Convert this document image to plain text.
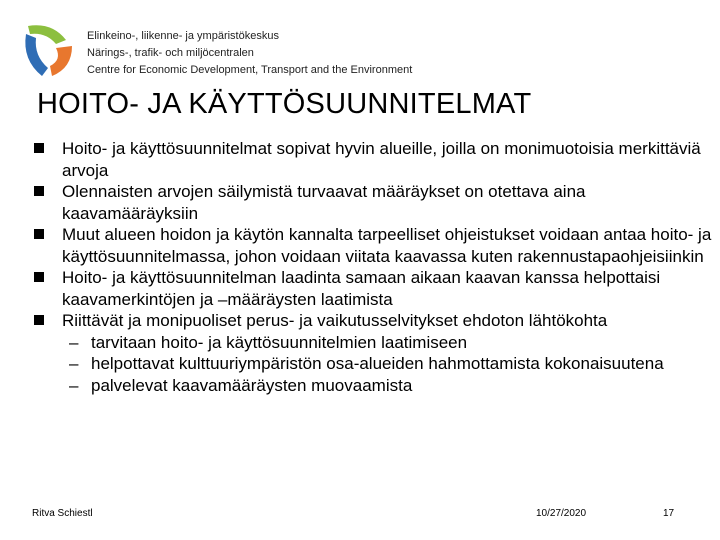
Elinkeino-, liikenne- ja ympäristökeskus
Närings-, trafik- och miljöcentralen
Centre for Economic Development, Transport and the Environment
HOITO- JA KÄYTTÖSUUNNITELMAT
Hoito- ja käyttösuunnitelmat sopivat hyvin alueille, joilla on monimuotoisia merkittäviä arvoja
Olennaisten arvojen säilymistä turvaavat määräykset on otettava aina kaavamääräyksiin
Muut alueen hoidon ja käytön kannalta tarpeelliset ohjeistukset voidaan antaa hoito- ja käyttösuunnitelmassa, johon voidaan viitata kaavassa kuten rakennustapaohjeisiinkin
Hoito- ja käyttösuunnitelman laadinta samaan aikaan kaavan kanssa helpottaisi kaavamerkintöjen ja –määräysten laatimista
Riittävät ja monipuoliset perus- ja vaikutusselvitykset ehdoton lähtökohta
– tarvitaan hoito- ja käyttösuunnitelmien laatimiseen
– helpottavat kulttuuriympäristön osa-alueiden hahmottamista kokonaisuutena
– palvelevat kaavamääräysten muovaamista
Ritva Schiestl	10/27/2020	17
